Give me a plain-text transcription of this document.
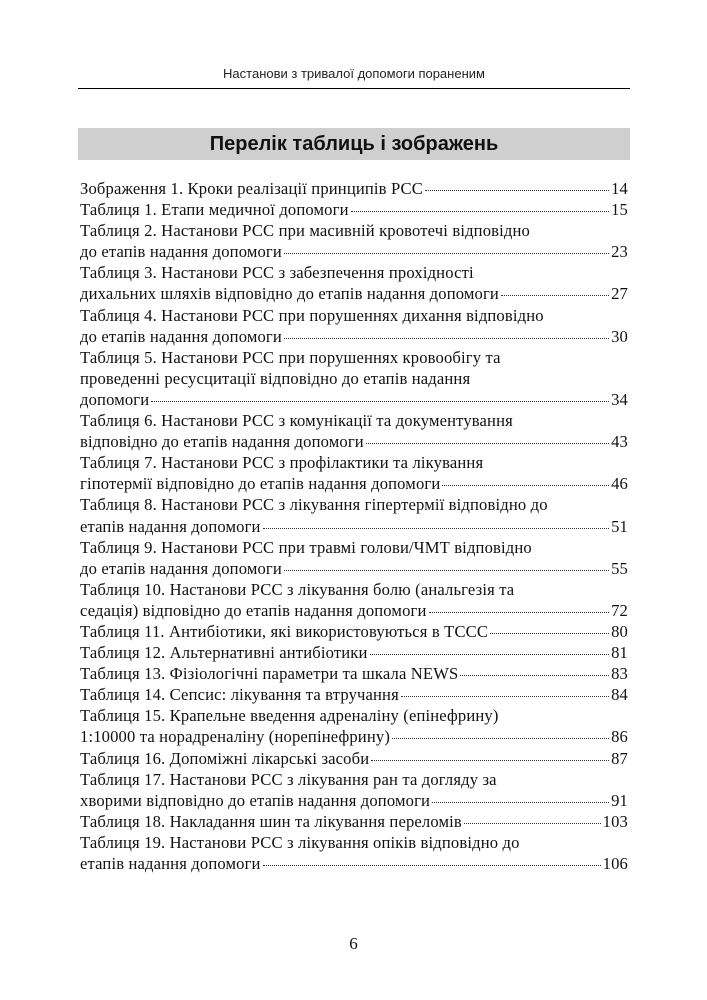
Настанови з тривалої допомоги пораненим
Перелік таблиць і зображень
Зображення 1. Кроки реалізації принципів РСС	14
Таблиця 1. Етапи медичної допомоги	15
Таблиця 2. Настанови РСС при масивній кровотечі відповідно
до етапів надання допомоги	23
Таблиця 3. Настанови РСС з забезпечення прохідності
дихальних шляхів відповідно до етапів надання допомоги	27
Таблиця 4. Настанови РСС при порушеннях дихання відповідно
до етапів надання допомоги	30
Таблиця 5. Настанови РСС при порушеннях кровообігу та
проведенні ресусцитації відповідно до етапів надання
допомоги	34
Таблиця 6. Настанови РСС з комунікації та документування
відповідно до етапів надання допомоги	43
Таблиця 7. Настанови РСС з профілактики та лікування
гіпотермії відповідно до етапів надання допомоги	46
Таблиця 8. Настанови РСС з лікування гіпертермії відповідно до
етапів надання допомоги	51
Таблиця 9. Настанови РСС при травмі голови/ЧМТ відповідно
до етапів надання допомоги	55
Таблиця 10. Настанови РСС з лікування болю (анальгезія та
седація) відповідно до етапів надання допомоги	72
Таблиця 11. Антибіотики, які використовуються в ТССС	80
Таблиця 12. Альтернативні антибіотики	81
Таблиця 13. Фізіологічні параметри та шкала NEWS	83
Таблиця 14. Сепсис: лікування та втручання	84
Таблиця 15. Крапельне введення адреналіну (епінефрину)
1:10000 та норадреналіну (норепінефрину)	86
Таблиця 16. Допоміжні лікарські засоби	87
Таблиця 17. Настанови РСС з лікування ран та догляду за
хворими відповідно до етапів надання допомоги	91
Таблиця 18. Накладання шин та лікування переломів	103
Таблиця 19. Настанови РСС з лікування опіків відповідно до
етапів надання допомоги	106
6
